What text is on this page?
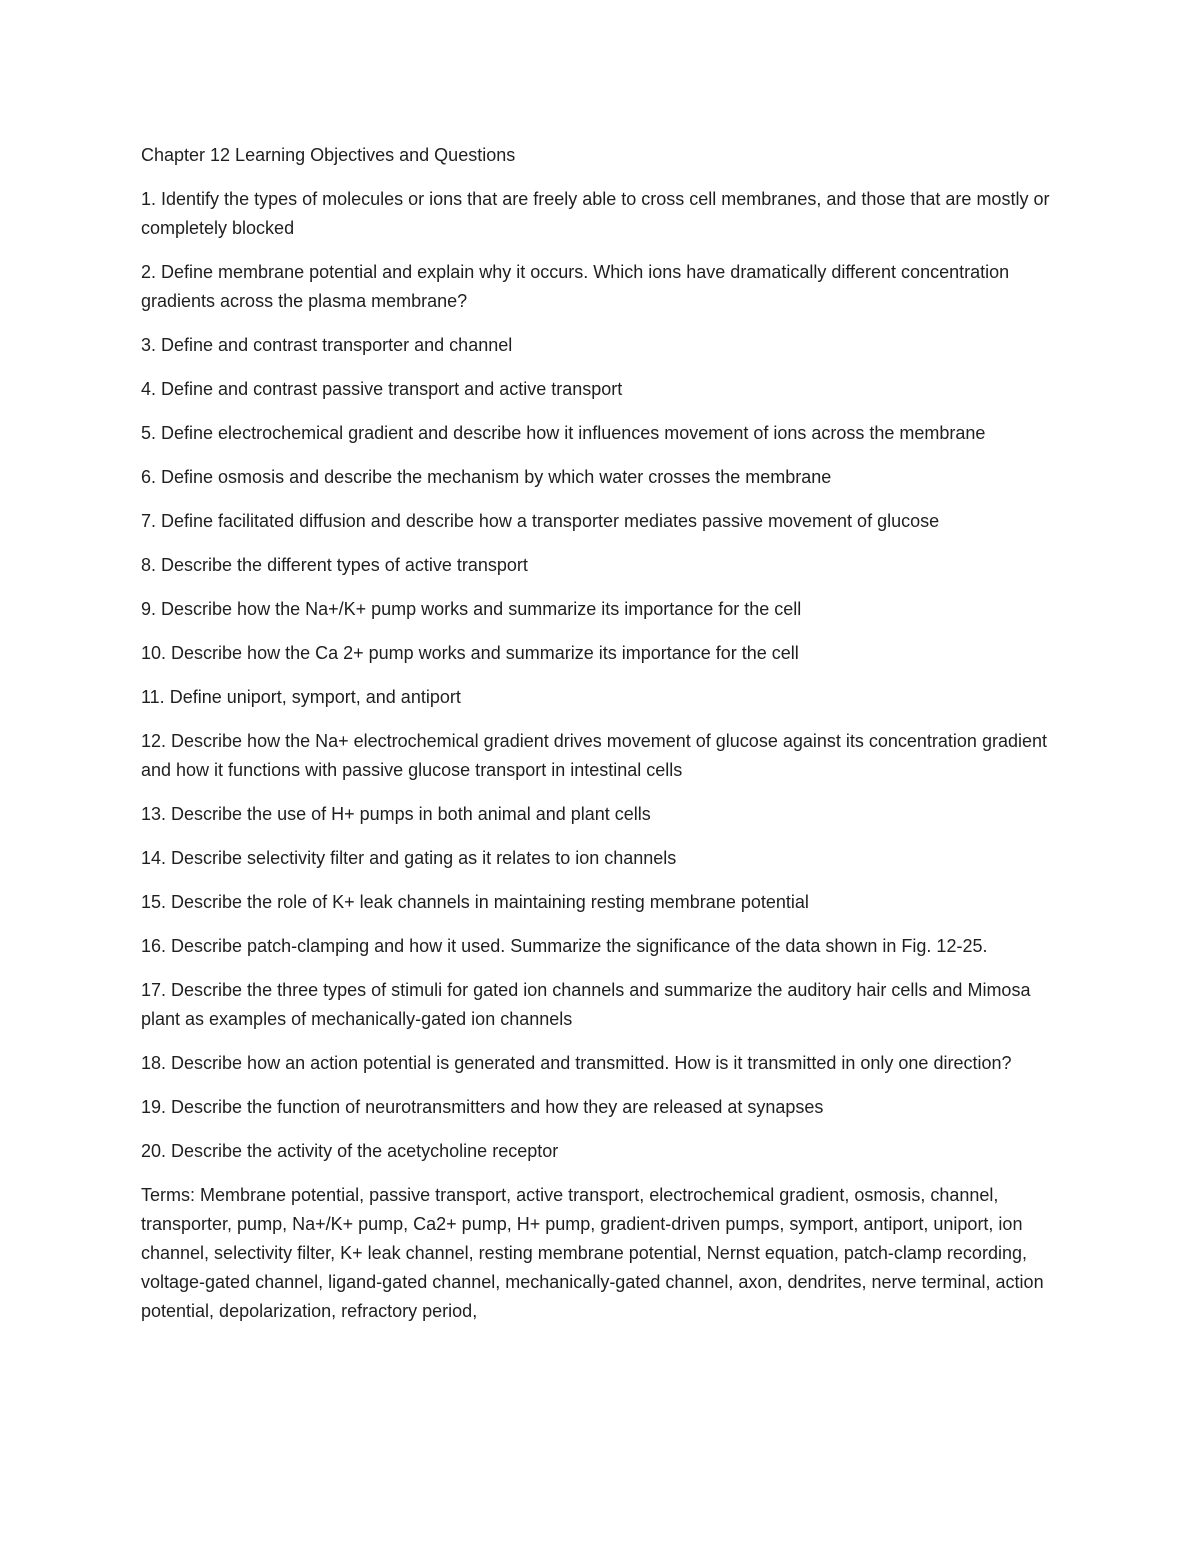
Chapter 12 Learning Objectives and Questions

1. Identify the types of molecules or ions that are freely able to cross cell membranes, and those that are mostly or completely blocked

2. Define membrane potential and explain why it occurs. Which ions have dramatically different concentration gradients across the plasma membrane?

3. Define and contrast transporter and channel

4. Define and contrast passive transport and active transport

5. Define electrochemical gradient and describe how it influences movement of ions across the membrane

6. Define osmosis and describe the mechanism by which water crosses the membrane

7. Define facilitated diffusion and describe how a transporter mediates passive movement of glucose

8. Describe the different types of active transport

9. Describe how the Na+/K+ pump works and summarize its importance for the cell

10. Describe how the Ca 2+ pump works and summarize its importance for the cell

11. Define uniport, symport, and antiport

12. Describe how the Na+ electrochemical gradient drives movement of glucose against its concentration gradient and how it functions with passive glucose transport in intestinal cells

13. Describe the use of H+ pumps in both animal and plant cells

14. Describe selectivity filter and gating as it relates to ion channels

15. Describe the role of K+ leak channels in maintaining resting membrane potential

16. Describe patch-clamping and how it used. Summarize the significance of the data shown in Fig. 12-25.

17. Describe the three types of stimuli for gated ion channels and summarize the auditory hair cells and Mimosa plant as examples of mechanically-gated ion channels

18. Describe how an action potential is generated and transmitted. How is it transmitted in only one direction?

19. Describe the function of neurotransmitters and how they are released at synapses

20. Describe the activity of the acetycholine receptor

Terms: Membrane potential, passive transport, active transport, electrochemical gradient, osmosis, channel, transporter, pump, Na+/K+ pump, Ca2+ pump, H+ pump, gradient-driven pumps, symport, antiport, uniport, ion channel, selectivity filter, K+ leak channel, resting membrane potential, Nernst equation, patch-clamp recording, voltage-gated channel, ligand-gated channel, mechanically-gated channel, axon, dendrites, nerve terminal, action potential, depolarization, refractory period,
